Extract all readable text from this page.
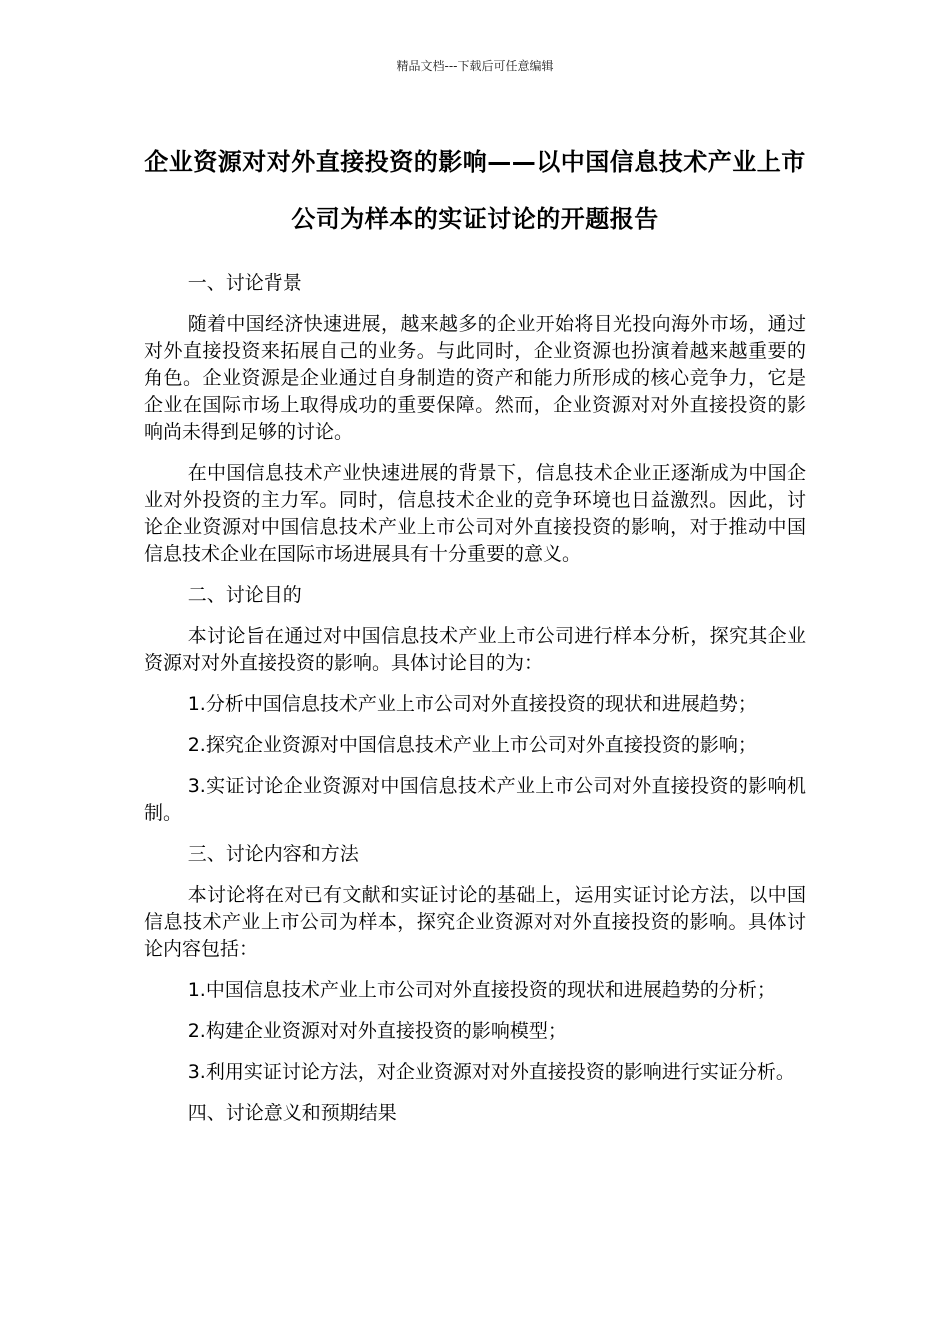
精品文档---下载后可任意编辑
企业资源对对外直接投资的影响——以中国信息技术产业上市公司为样本的实证讨论的开题报告

一、讨论背景

随着中国经济快速进展，越来越多的企业开始将目光投向海外市场，通过对外直接投资来拓展自己的业务。与此同时，企业资源也扮演着越来越重要的角色。企业资源是企业通过自身制造的资产和能力所形成的核心竞争力，它是企业在国际市场上取得成功的重要保障。然而，企业资源对对外直接投资的影响尚未得到足够的讨论。

在中国信息技术产业快速进展的背景下，信息技术企业正逐渐成为中国企业对外投资的主力军。同时，信息技术企业的竞争环境也日益激烈。因此，讨论企业资源对中国信息技术产业上市公司对外直接投资的影响，对于推动中国信息技术企业在国际市场进展具有十分重要的意义。

二、讨论目的

本讨论旨在通过对中国信息技术产业上市公司进行样本分析，探究其企业资源对对外直接投资的影响。具体讨论目的为：

1.分析中国信息技术产业上市公司对外直接投资的现状和进展趋势；

2.探究企业资源对中国信息技术产业上市公司对外直接投资的影响；

3.实证讨论企业资源对中国信息技术产业上市公司对外直接投资的影响机制。

三、讨论内容和方法

本讨论将在对已有文献和实证讨论的基础上，运用实证讨论方法，以中国信息技术产业上市公司为样本，探究企业资源对对外直接投资的影响。具体讨论内容包括：

1.中国信息技术产业上市公司对外直接投资的现状和进展趋势的分析；

2.构建企业资源对对外直接投资的影响模型；

3.利用实证讨论方法，对企业资源对对外直接投资的影响进行实证分析。

四、讨论意义和预期结果
